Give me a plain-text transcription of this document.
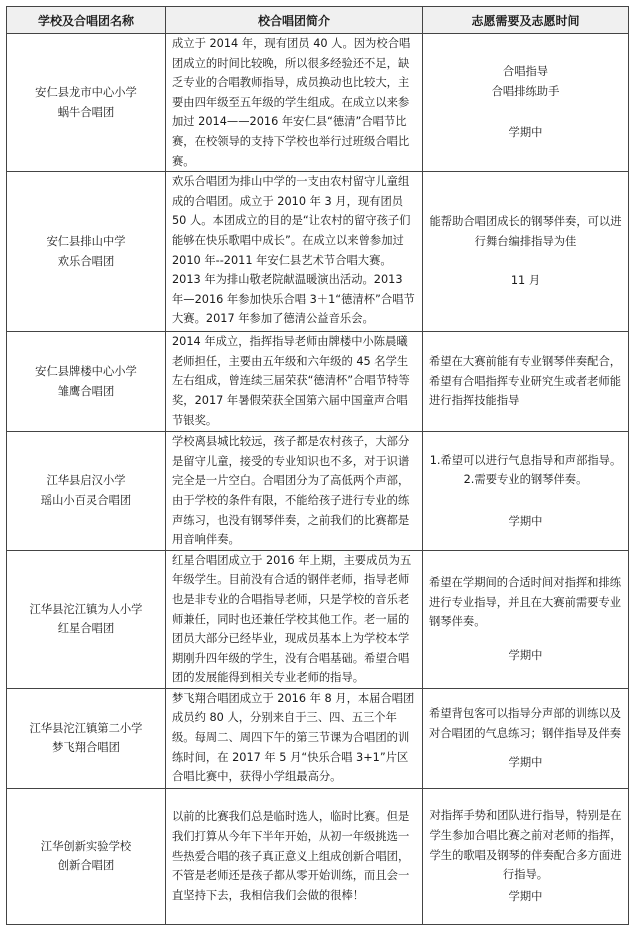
学校及合唱团名称	校合唱团简介	志愿需要及志愿时间

安仁县龙市中心小学
蜗牛合唱团	成立于 2014 年，现有团员 40 人。因为校合唱团成立的时间比较晚，所以很多经验还不足，缺乏专业的合唱教师指导，成员换动也比较大，主要由四年级至五年级的学生组成。在成立以来参加过 2014——2016 年安仁县“德清”合唱节比赛，在校领导的支持下学校也举行过班级合唱比赛。	合唱指导
合唱排练助手
学期中

安仁县排山中学
欢乐合唱团	欢乐合唱团为排山中学的一支由农村留守儿童组成的合唱团。成立于 2010 年 3 月，现有团员 50 人。本团成立的目的是“让农村的留守孩子们能够在快乐歌唱中成长”。在成立以来曾参加过 2010 年--2011 年安仁县艺术节合唱大赛。2013 年为排山敬老院献温暖演出活动。2013 年—2016 年参加快乐合唱 3＋1“德清杯”合唱节大赛。2017 年参加了德清公益音乐会。	能帮助合唱团成长的钢琴伴奏，可以进行舞台编排指导为佳
11 月

安仁县牌楼中心小学
雏鹰合唱团	2014 年成立，指挥指导老师由牌楼中小陈晨曦老师担任，主要由五年级和六年级的 45 名学生左右组成，曾连续三届荣获“德清杯”合唱节特等奖，2017 年暑假荣获全国第六届中国童声合唱节银奖。	希望在大赛前能有专业钢琴伴奏配合，希望有合唱指挥专业研究生或者老师能进行指挥技能指导

江华县启汉小学
瑶山小百灵合唱团	学校离县城比较远，孩子都是农村孩子，大部分是留守儿童，接受的专业知识也不多，对于识谱完全是一片空白。合唱团分为了高低两个声部，由于学校的条件有限，不能给孩子进行专业的练声练习，也没有钢琴伴奏，之前我们的比赛都是用音响伴奏。	1.希望可以进行气息指导和声部指导。
2.需要专业的钢琴伴奏。
学期中

江华县沱江镇为人小学
红星合唱团	红星合唱团成立于 2016 年上期，主要成员为五年级学生。目前没有合适的钢伴老师，指导老师也是非专业的合唱指导老师，只是学校的音乐老师兼任，同时也还兼任学校其他工作。老一届的团员大部分已经毕业，现成员基本上为学校本学期刚升四年级的学生，没有合唱基础。希望合唱团的发展能得到相关专业老师的指导。	希望在学期间的合适时间对指挥和排练进行专业指导，并且在大赛前需要专业钢琴伴奏。
学期中

江华县沱江镇第二小学
梦飞翔合唱团	梦飞翔合唱团成立于 2016 年 8 月，本届合唱团成员约 80 人，分别来自于三、四、五三个年级。每周二、周四下午的第三节课为合唱团的训练时间，在 2017 年 5 月“快乐合唱 3+1”片区合唱比赛中，获得小学组最高分。	希望背包客可以指导分声部的训练以及对合唱团的气息练习；钢伴指导及伴奏
学期中

江华创新实验学校
创新合唱团	以前的比赛我们总是临时选人，临时比赛。但是我们打算从今年下半年开始，从初一年级挑选一些热爱合唱的孩子真正意义上组成创新合唱团，不管是老师还是孩子都从零开始训练，而且会一直坚持下去，我相信我们会做的很棒！	对指挥手势和团队进行指导，特别是在学生参加合唱比赛之前对老师的指挥，学生的歌唱及钢琴的伴奏配合多方面进行指导。
学期中
